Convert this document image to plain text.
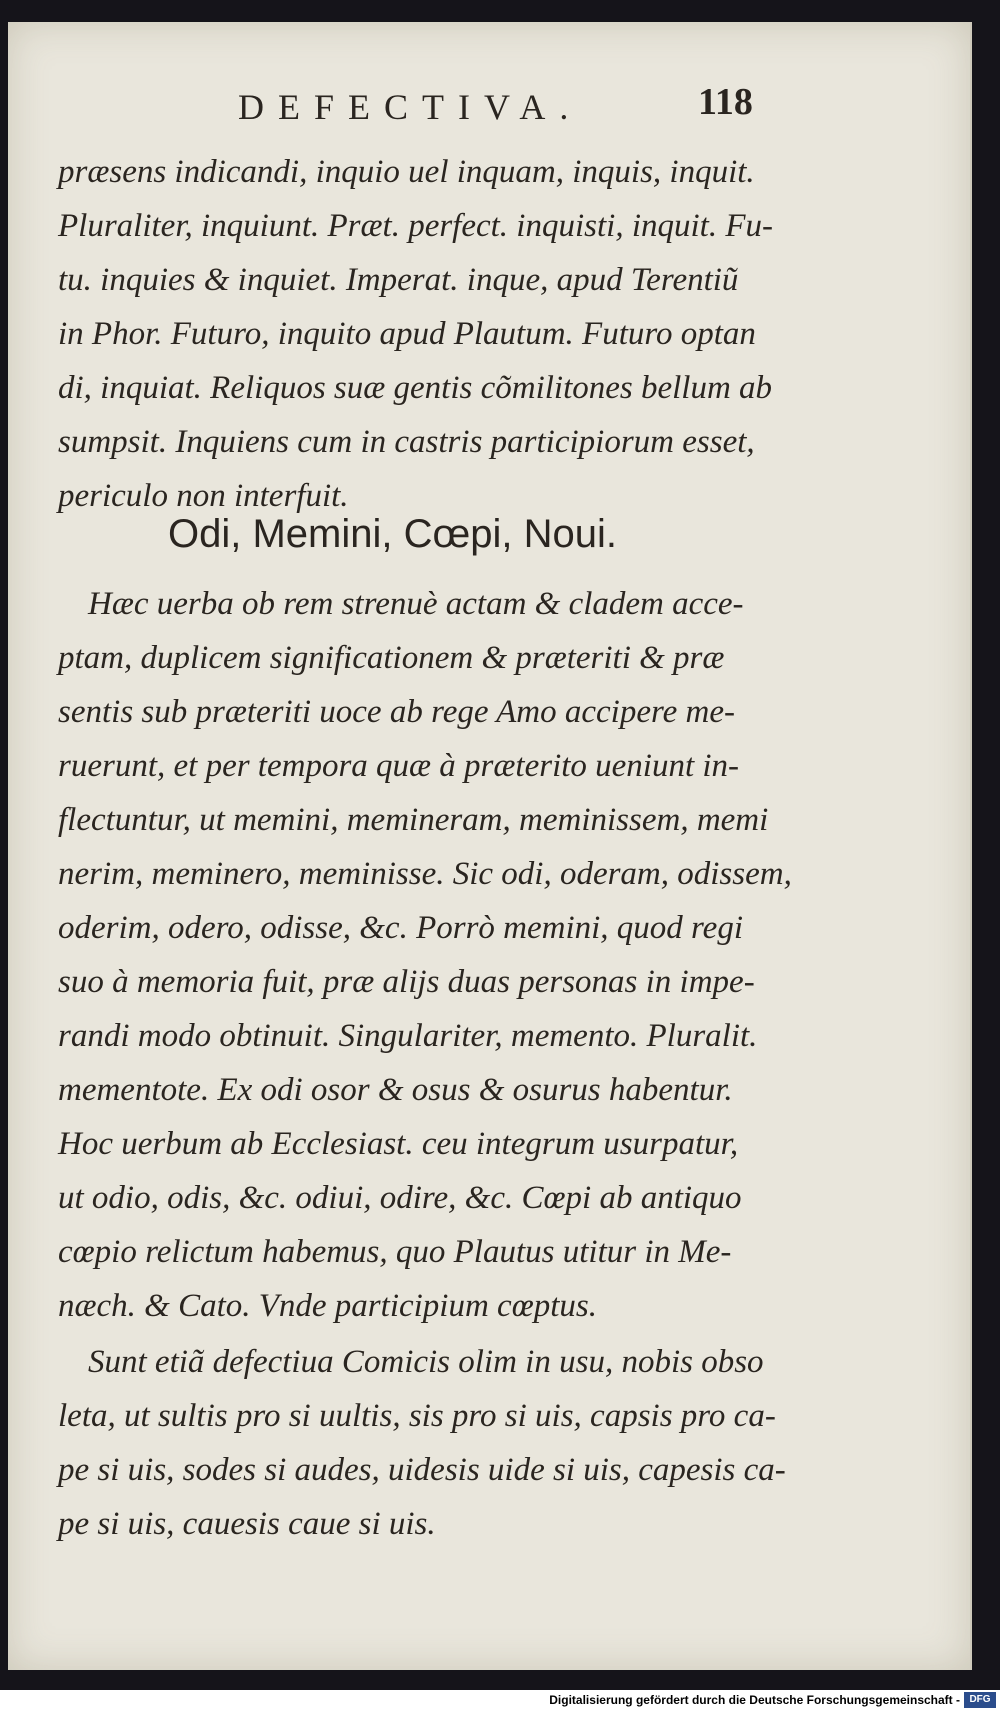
DEFECTIVA.	118
præsens indicandi, inquio uel inquam, inquis, inquit.
Pluraliter, inquiunt. Præt. perfect. inquisti, inquit. Fu-
tu. inquies & inquiet. Imperat. inque, apud Terentiũ
in Phor. Futuro, inquito apud Plautum. Futuro optan
di, inquiat. Reliquos suæ gentis cõmilitones bellum ab
sumpsit. Inquiens cum in castris participiorum esset,
periculo non interfuit.
Odi, Memini, Cœpi, Noui.
Hæc uerba ob rem strenuè actam & cladem acce-
ptam, duplicem significationem & præteriti & præ
sentis sub præteriti uoce ab rege Amo accipere me-
ruerunt, et per tempora quæ à præterito ueniunt in-
flectuntur, ut memini, memineram, meminissem, memi
nerim, meminero, meminisse. Sic odi, oderam, odissem,
oderim, odero, odisse, &c. Porrò memini, quod regi
suo à memoria fuit, præ alijs duas personas in impe-
randi modo obtinuit. Singulariter, memento. Pluralit.
mementote. Ex odi osor & osus & osurus habentur.
Hoc uerbum ab Ecclesiast. ceu integrum usurpatur,
ut odio, odis, &c. odiui, odire, &c. Cœpi ab antiquo
cœpio relictum habemus, quo Plautus utitur in Me-
næch. & Cato. Vnde participium cœptus.
Sunt etiã defectiua Comicis olim in usu, nobis obso
leta, ut sultis pro si uultis, sis pro si uis, capsis pro ca-
pe si uis, sodes si audes, uidesis uide si uis, capesis ca-
pe si uis, cauesis caue si uis.
Digitalisierung gefördert durch die Deutsche Forschungsgemeinschaft - DFG
